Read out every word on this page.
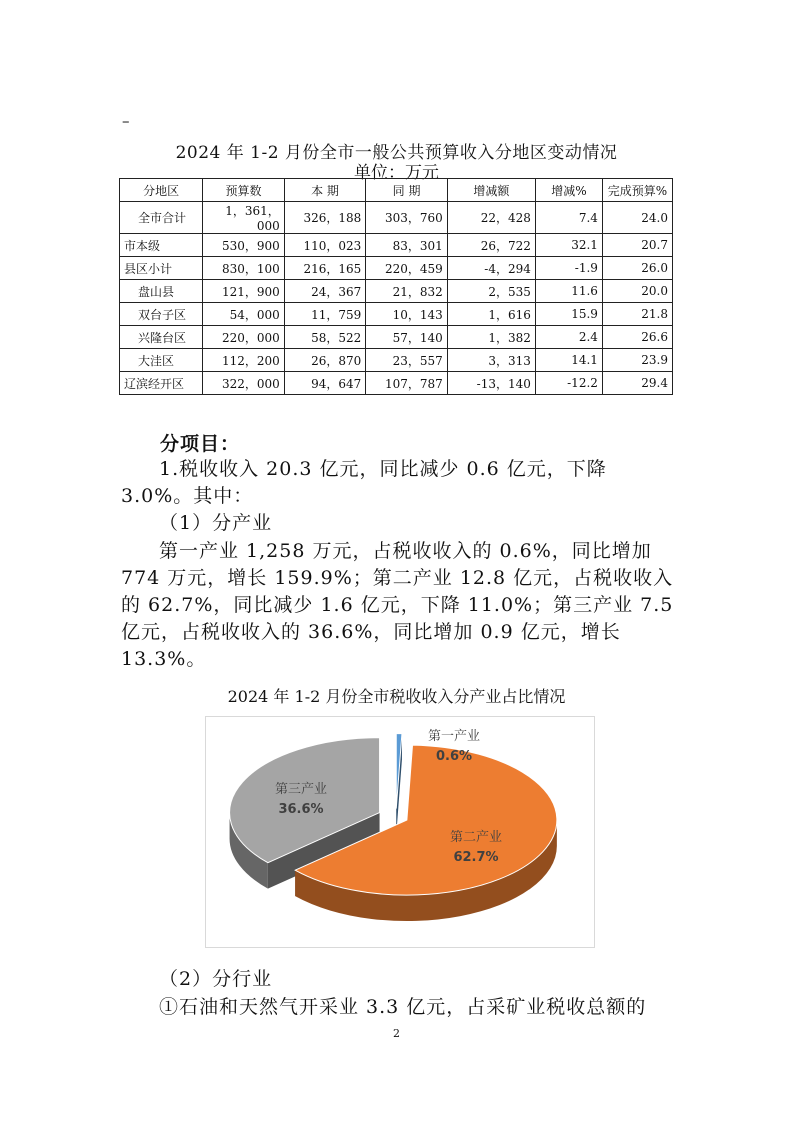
–
2024 年 1-2 月份全市一般公共预算收入分地区变动情况
单位：万元
分地区	预算数	本 期	同 期	增减额	增减%	完成预算%
全市合计	1，361，000	326，188	303，760	22，428	7.4	24.0
市本级	530，900	110，023	83，301	26，722	32.1	20.7
县区小计	830，100	216，165	220，459	-4，294	-1.9	26.0
盘山县	121，900	24，367	21，832	2，535	11.6	20.0
双台子区	54，000	11，759	10，143	1，616	15.9	21.8
兴隆台区	220，000	58，522	57，140	1，382	2.4	26.6
大洼区	112，200	26，870	23，557	3，313	14.1	23.9
辽滨经开区	322，000	94，647	107，787	-13，140	-12.2	29.4
分项目：
1.税收收入 20.3 亿元，同比减少 0.6 亿元，下降 3.0%。其中：
（1）分产业
第一产业 1,258 万元，占税收收入的 0.6%，同比增加 774 万元，增长 159.9%；第二产业 12.8 亿元，占税收收入的 62.7%，同比减少 1.6 亿元，下降 11.0%；第三产业 7.5 亿元，占税收收入的 36.6%，同比增加 0.9 亿元，增长 13.3%。
2024 年 1-2 月份全市税收收入分产业占比情况
第一产业
0.6%
第二产业
62.7%
第三产业
36.6%
（2）分行业
①石油和天然气开采业 3.3 亿元，占采矿业税收总额的
2
